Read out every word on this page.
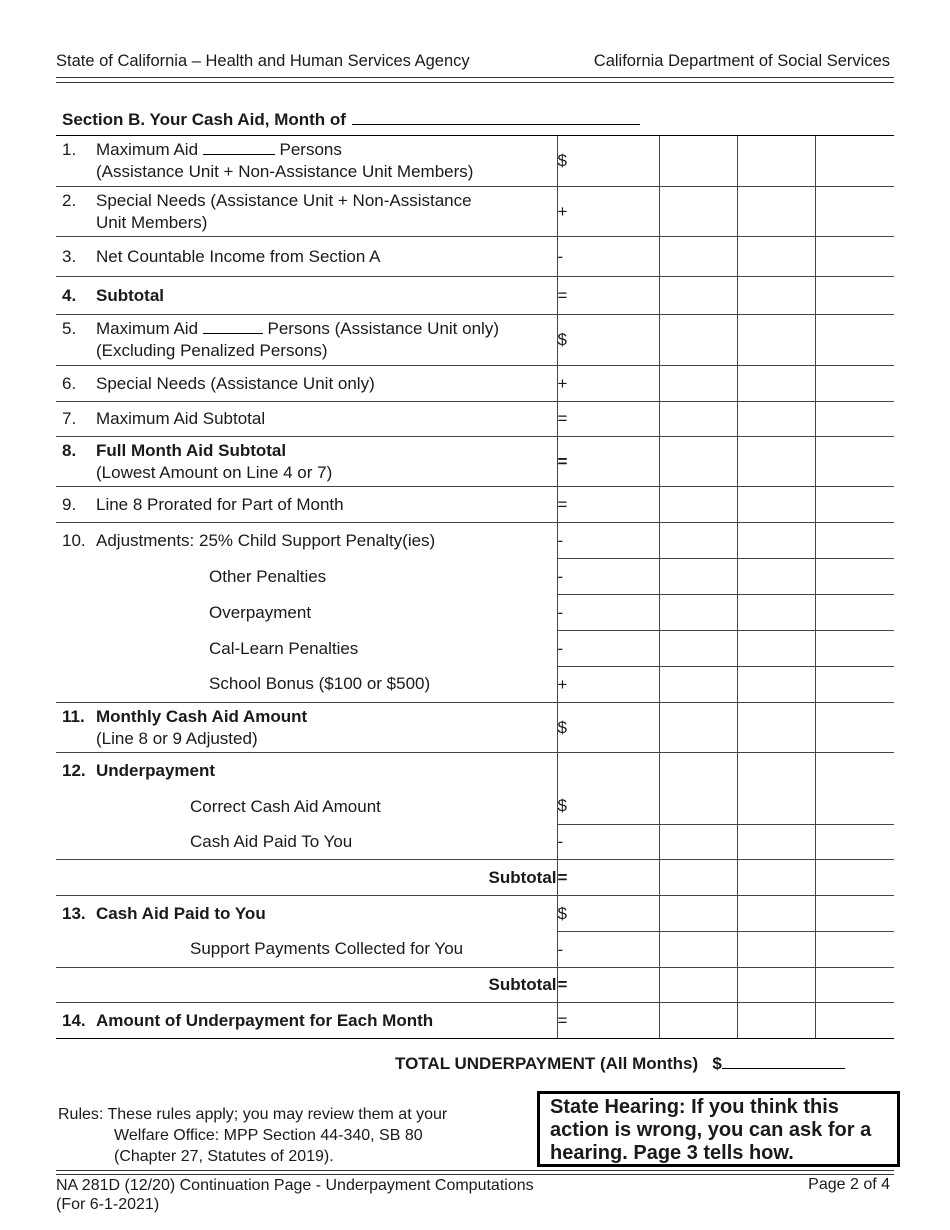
State of California – Health and Human Services Agency	California Department of Social Services
Section B. Your Cash Aid, Month of
1. Maximum Aid Persons
(Assistance Unit + Non-Assistance Unit Members)	$			

2. Special Needs (Assistance Unit + Non-Assistance
Unit Members)	+			

3. Net Countable Income from Section A	-			

4. Subtotal	=			

5. Maximum Aid Persons (Assistance Unit only)
(Excluding Penalized Persons)	$			

6. Special Needs (Assistance Unit only)	+			

7. Maximum Aid Subtotal	=			

8. Full Month Aid Subtotal
(Lowest Amount on Line 4 or 7)	=			

9. Line 8 Prorated for Part of Month	=			

10. Adjustments: 25% Child Support Penalty(ies)	-			

Other Penalties	-			

Overpayment	-			

Cal-Learn Penalties	-			

School Bonus ($100 or $500)	+			

11. Monthly Cash Aid Amount
(Line 8 or 9 Adjusted)	$			

12. Underpayment				

Correct Cash Aid Amount	$			

Cash Aid Paid To You	-			
Subtotal	=			

13. Cash Aid Paid to You	$			

Support Payments Collected for You	-			
Subtotal	=			

14. Amount of Underpayment for Each Month	=			
TOTAL UNDERPAYMENT (All Months) $
Rules: These rules apply; you may review them at your
Welfare Office: MPP Section 44-340, SB 80
(Chapter 27, Statutes of 2019).
State Hearing: If you think this action is wrong, you can ask for a hearing. Page 3 tells how.
NA 281D (12/20) Continuation Page - Underpayment Computations
(For 6-1-2021)
Page 2 of 4
